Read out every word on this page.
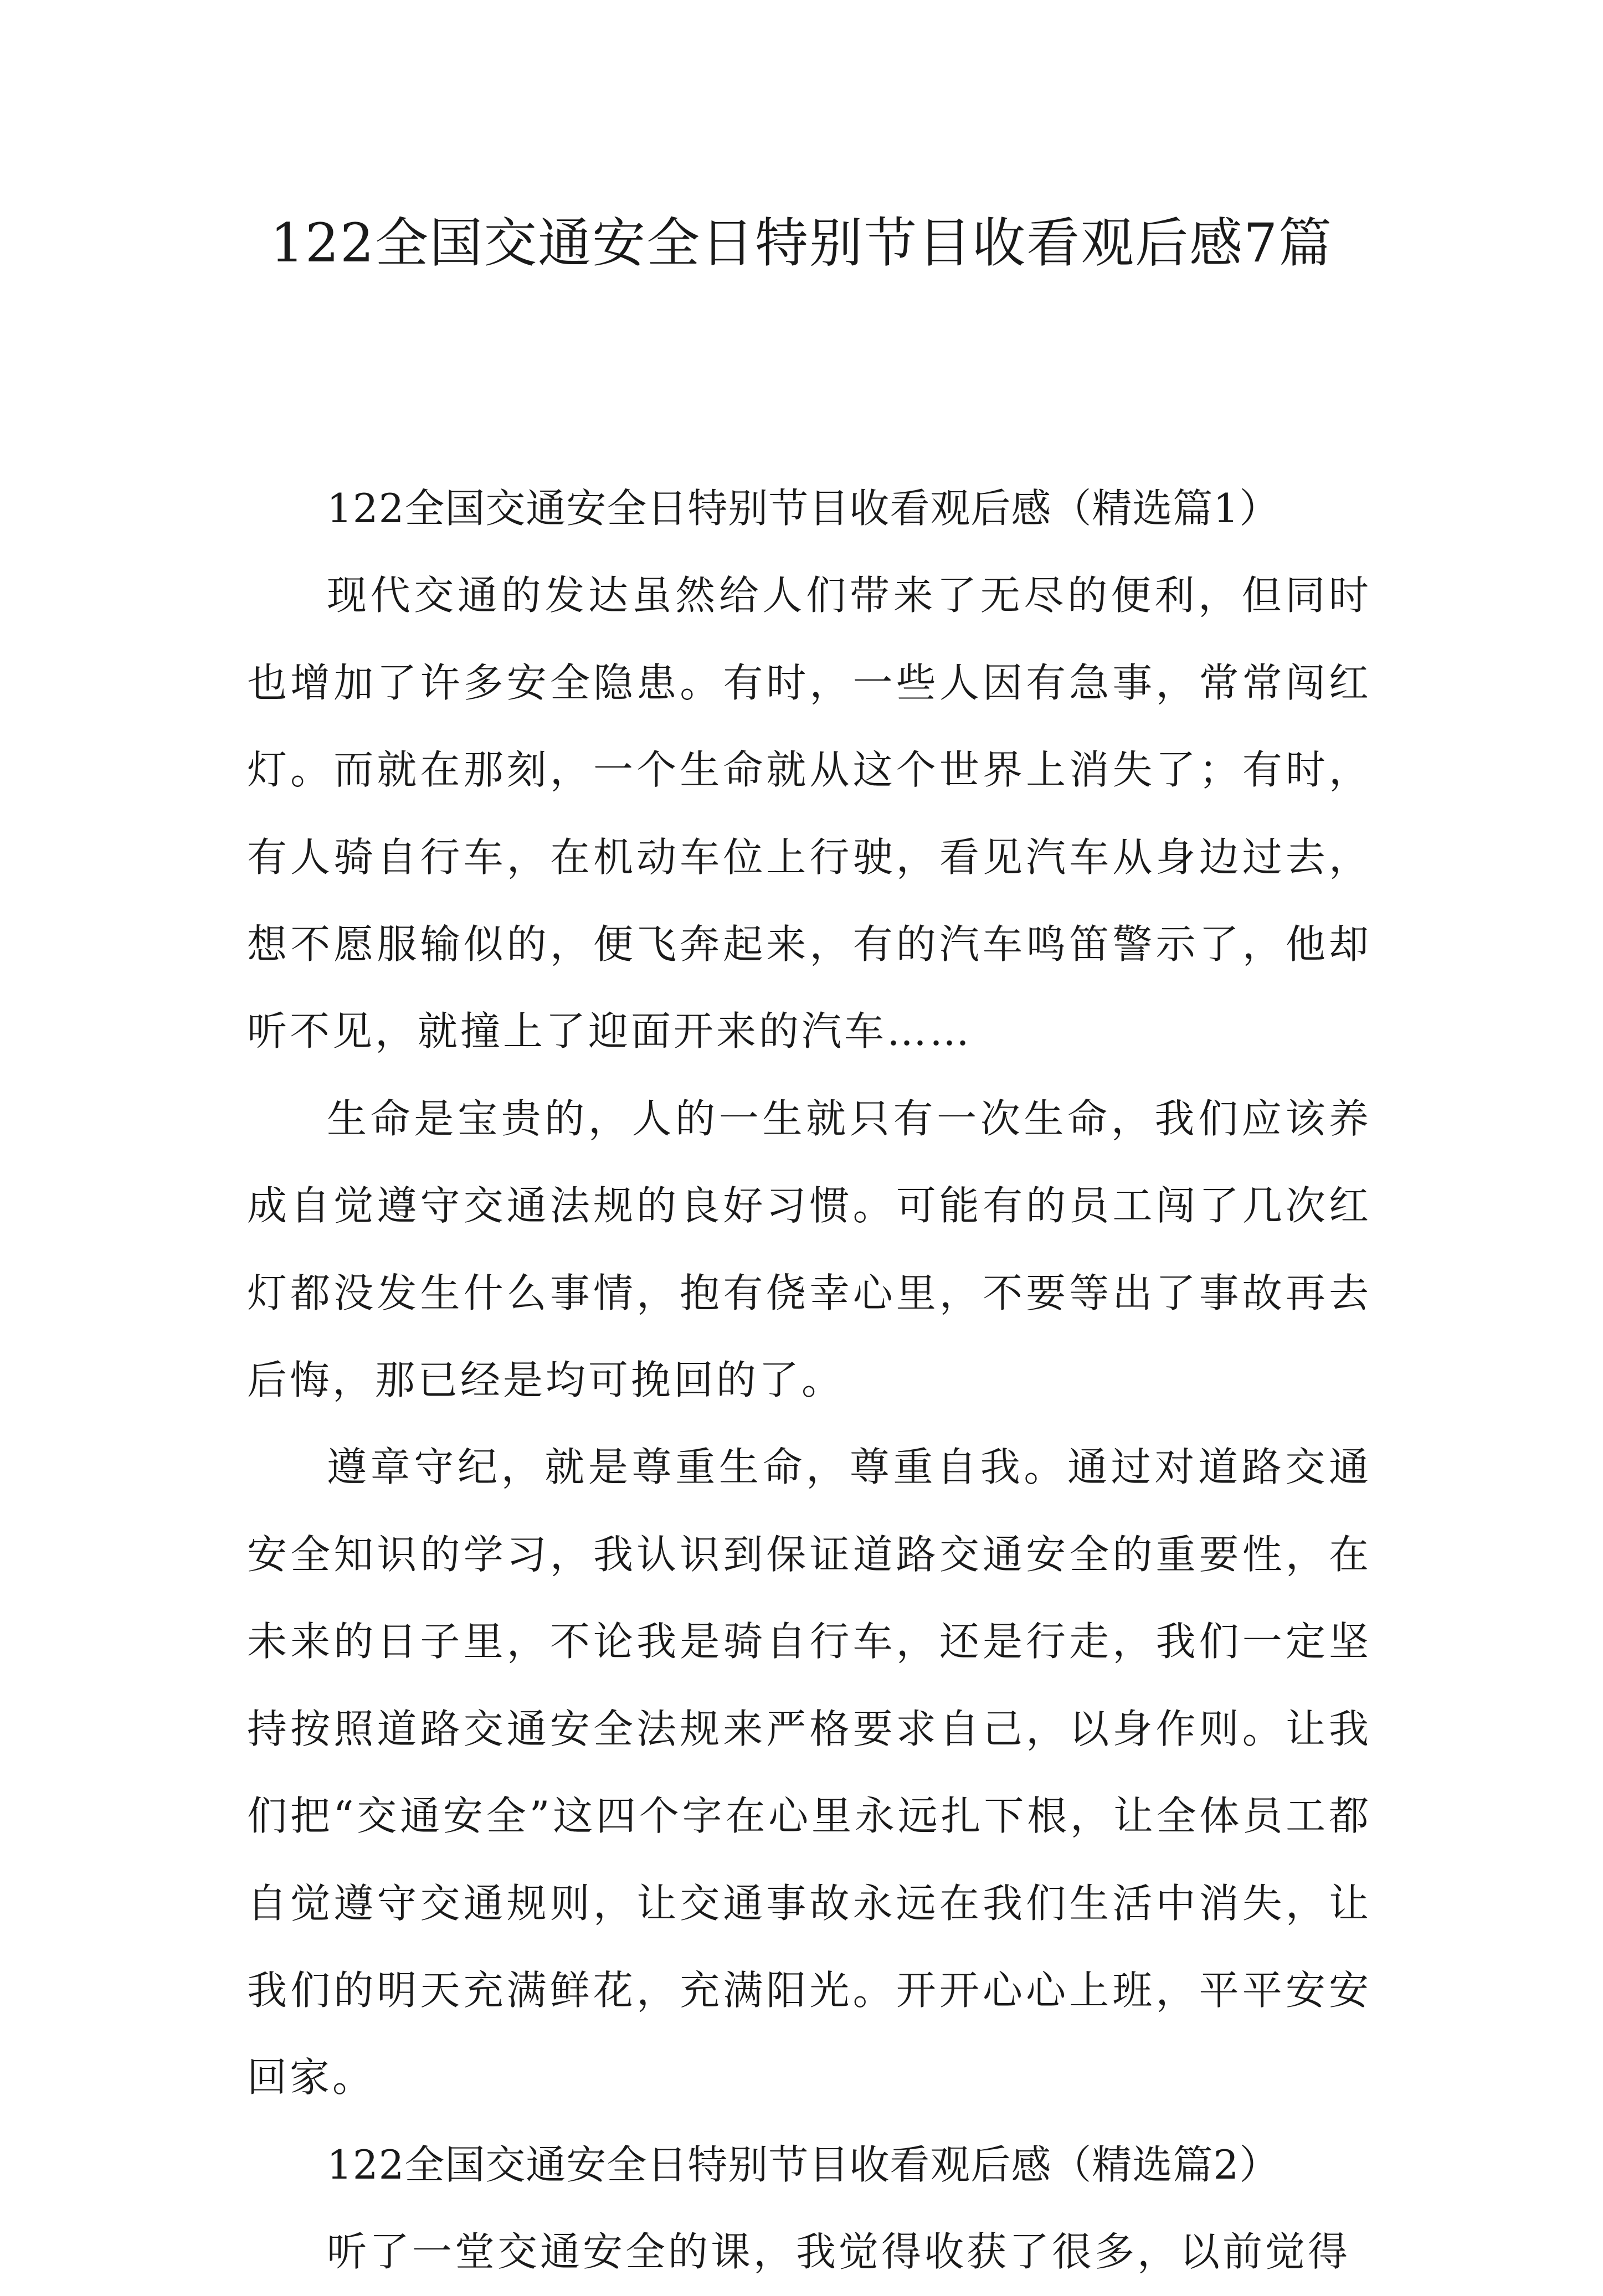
122全国交通安全日特别节目收看观后感7篇

122全国交通安全日特别节目收看观后感（精选篇1）

现代交通的发达虽然给人们带来了无尽的便利，但同时也增加了许多安全隐患。有时，一些人因有急事，常常闯红灯。而就在那刻，一个生命就从这个世界上消失了；有时，有人骑自行车，在机动车位上行驶，看见汽车从身边过去，想不愿服输似的，便飞奔起来，有的汽车鸣笛警示了，他却听不见，就撞上了迎面开来的汽车……

生命是宝贵的，人的一生就只有一次生命，我们应该养成自觉遵守交通法规的良好习惯。可能有的员工闯了几次红灯都没发生什么事情，抱有侥幸心里，不要等出了事故再去后悔，那已经是均可挽回的了。

遵章守纪，就是尊重生命，尊重自我。通过对道路交通安全知识的学习，我认识到保证道路交通安全的重要性，在未来的日子里，不论我是骑自行车，还是行走，我们一定坚持按照道路交通安全法规来严格要求自己，以身作则。让我们把“交通安全”这四个字在心里永远扎下根，让全体员工都自觉遵守交通规则，让交通事故永远在我们生活中消失，让我们的明天充满鲜花，充满阳光。开开心心上班，平平安安回家。

122全国交通安全日特别节目收看观后感（精选篇2）

听了一堂交通安全的课，我觉得收获了很多，以前觉得
